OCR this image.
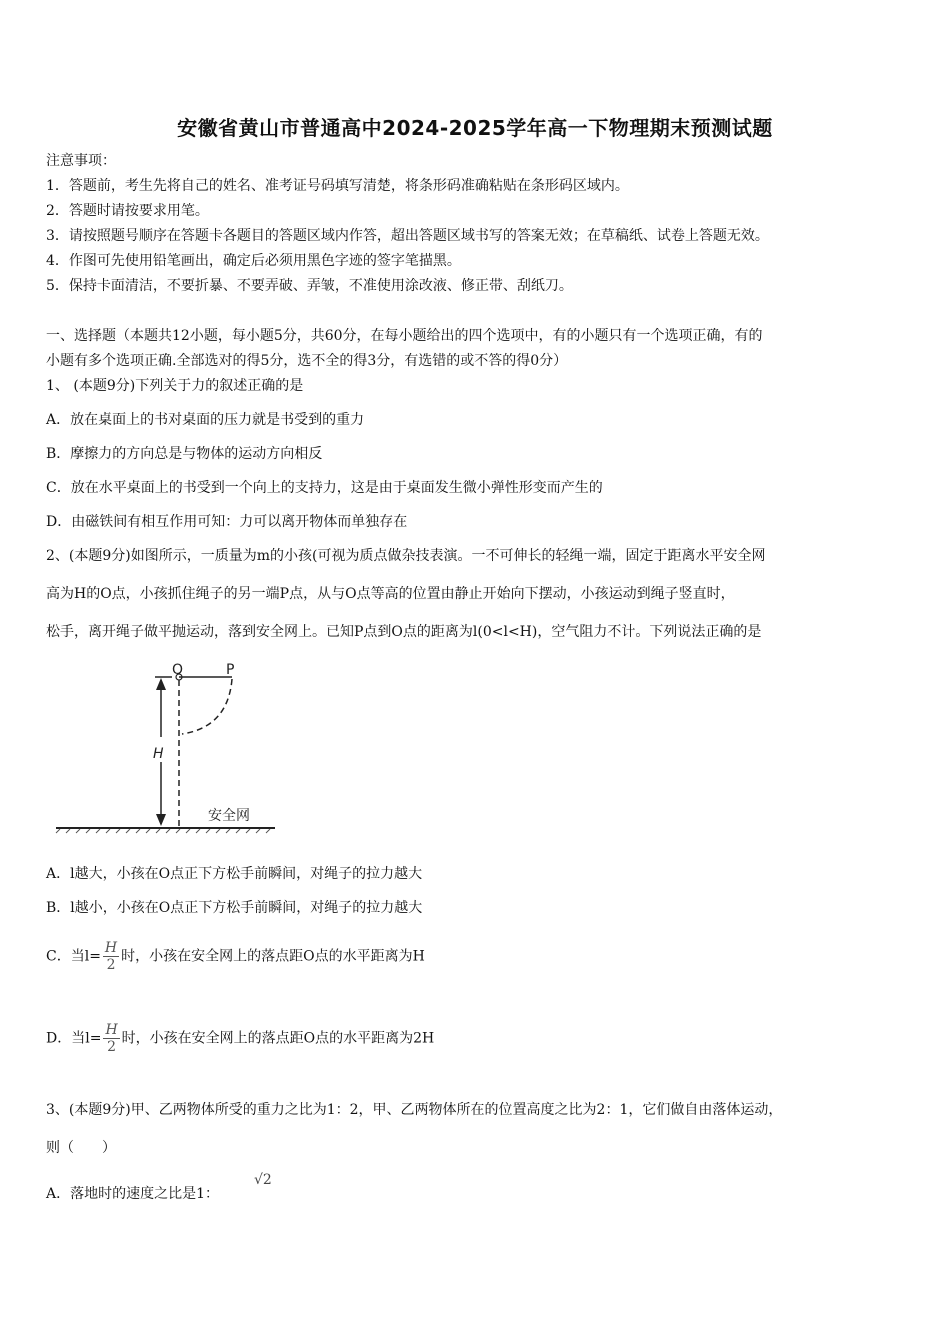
安徽省黄山市普通高中2024-2025学年高一下物理期末预测试题
注意事项：
1．答题前，考生先将自己的姓名、准考证号码填写清楚，将条形码准确粘贴在条形码区域内。
2．答题时请按要求用笔。
3．请按照题号顺序在答题卡各题目的答题区域内作答，超出答题区域书写的答案无效；在草稿纸、试卷上答题无效。
4．作图可先使用铅笔画出，确定后必须用黑色字迹的签字笔描黑。
5．保持卡面清洁，不要折暴、不要弄破、弄皱，不准使用涂改液、修正带、刮纸刀。
一、选择题（本题共12小题，每小题5分，共60分，在每小题给出的四个选项中，有的小题只有一个选项正确，有的
小题有多个选项正确.全部选对的得5分，选不全的得3分，有选错的或不答的得0分）
1、 (本题9分)下列关于力的叙述正确的是
A．放在桌面上的书对桌面的压力就是书受到的重力
B．摩擦力的方向总是与物体的运动方向相反
C．放在水平桌面上的书受到一个向上的支持力，这是由于桌面发生微小弹性形变而产生的
D．由磁铁间有相互作用可知：力可以离开物体而单独存在
2、(本题9分)如图所示，一质量为m的小孩(可视为质点做杂技表演。一不可伸长的轻绳一端，固定于距离水平安全网
高为H的O点，小孩抓住绳子的另一端P点，从与O点等高的位置由静止开始向下摆动，小孩运动到绳子竖直时，
松手，离开绳子做平抛运动，落到安全网上。已知P点到O点的距离为l(0<l<H)，空气阻力不计。下列说法正确的是
H
O	P
安全网
A．l越大，小孩在O点正下方松手前瞬间，对绳子的拉力越大
B．l越小，小孩在O点正下方松手前瞬间，对绳子的拉力越大
C．当$l= \frac{H}{2}$ 时，小孩在安全网上的落点距O点的水平距离为H
D．当$l= \frac{H}{2}$ 时，小孩在安全网上的落点距O点的水平距离为2H
3、(本题9分)甲、乙两物体所受的重力之比为1：2，甲、乙两物体所在的位置高度之比为2：1，它们做自由落体运动，
则（　　）
A．落地时的速度之比是1：
√2
